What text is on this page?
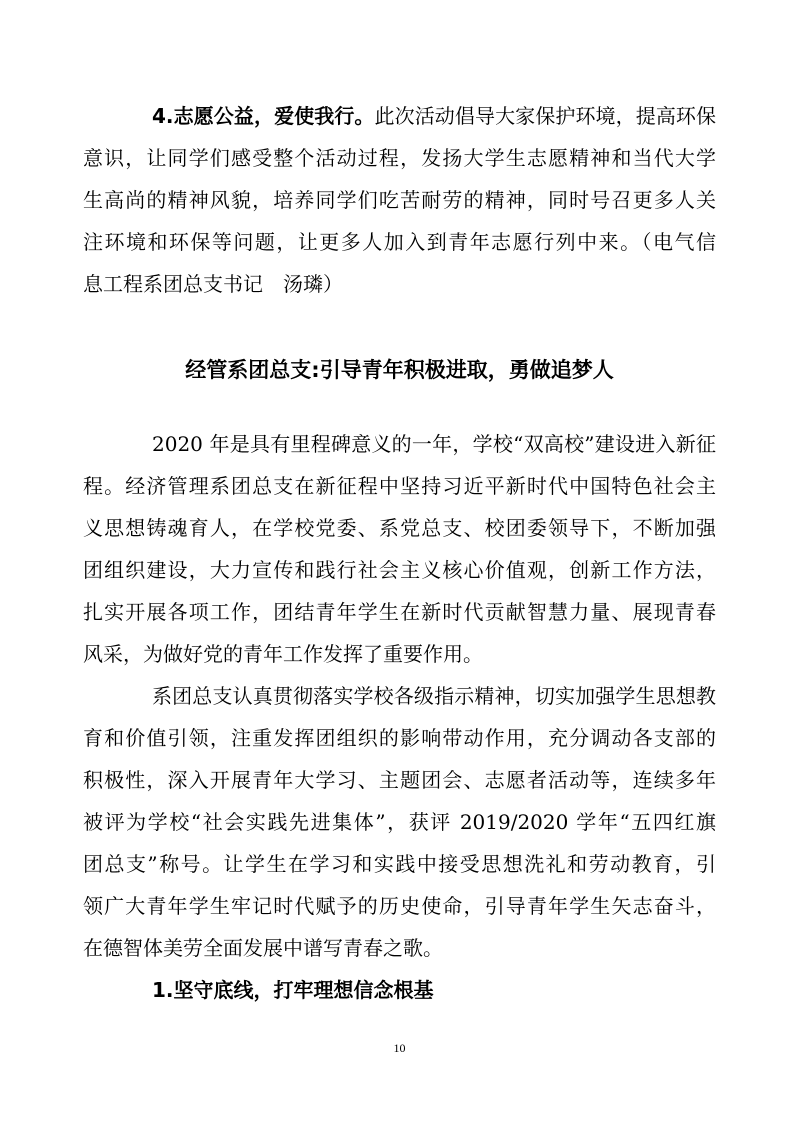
4.志愿公益，爱使我行。此次活动倡导大家保护环境，提高环保
意识，让同学们感受整个活动过程，发扬大学生志愿精神和当代大学
生高尚的精神风貌，培养同学们吃苦耐劳的精神，同时号召更多人关
注环境和环保等问题，让更多人加入到青年志愿行列中来。（电气信
息工程系团总支书记　汤璘）
经管系团总支:引导青年积极进取，勇做追梦人
2020 年是具有里程碑意义的一年，学校“双高校”建设进入新征
程。经济管理系团总支在新征程中坚持习近平新时代中国特色社会主
义思想铸魂育人，在学校党委、系党总支、校团委领导下，不断加强
团组织建设，大力宣传和践行社会主义核心价值观，创新工作方法，
扎实开展各项工作，团结青年学生在新时代贡献智慧力量、展现青春
风采，为做好党的青年工作发挥了重要作用。
系团总支认真贯彻落实学校各级指示精神，切实加强学生思想教
育和价值引领，注重发挥团组织的影响带动作用，充分调动各支部的
积极性，深入开展青年大学习、主题团会、志愿者活动等，连续多年
被评为学校“社会实践先进集体”，获评 2019/2020 学年“五四红旗
团总支”称号。让学生在学习和实践中接受思想洗礼和劳动教育，引
领广大青年学生牢记时代赋予的历史使命，引导青年学生矢志奋斗，
在德智体美劳全面发展中谱写青春之歌。
1.坚守底线，打牢理想信念根基
10
